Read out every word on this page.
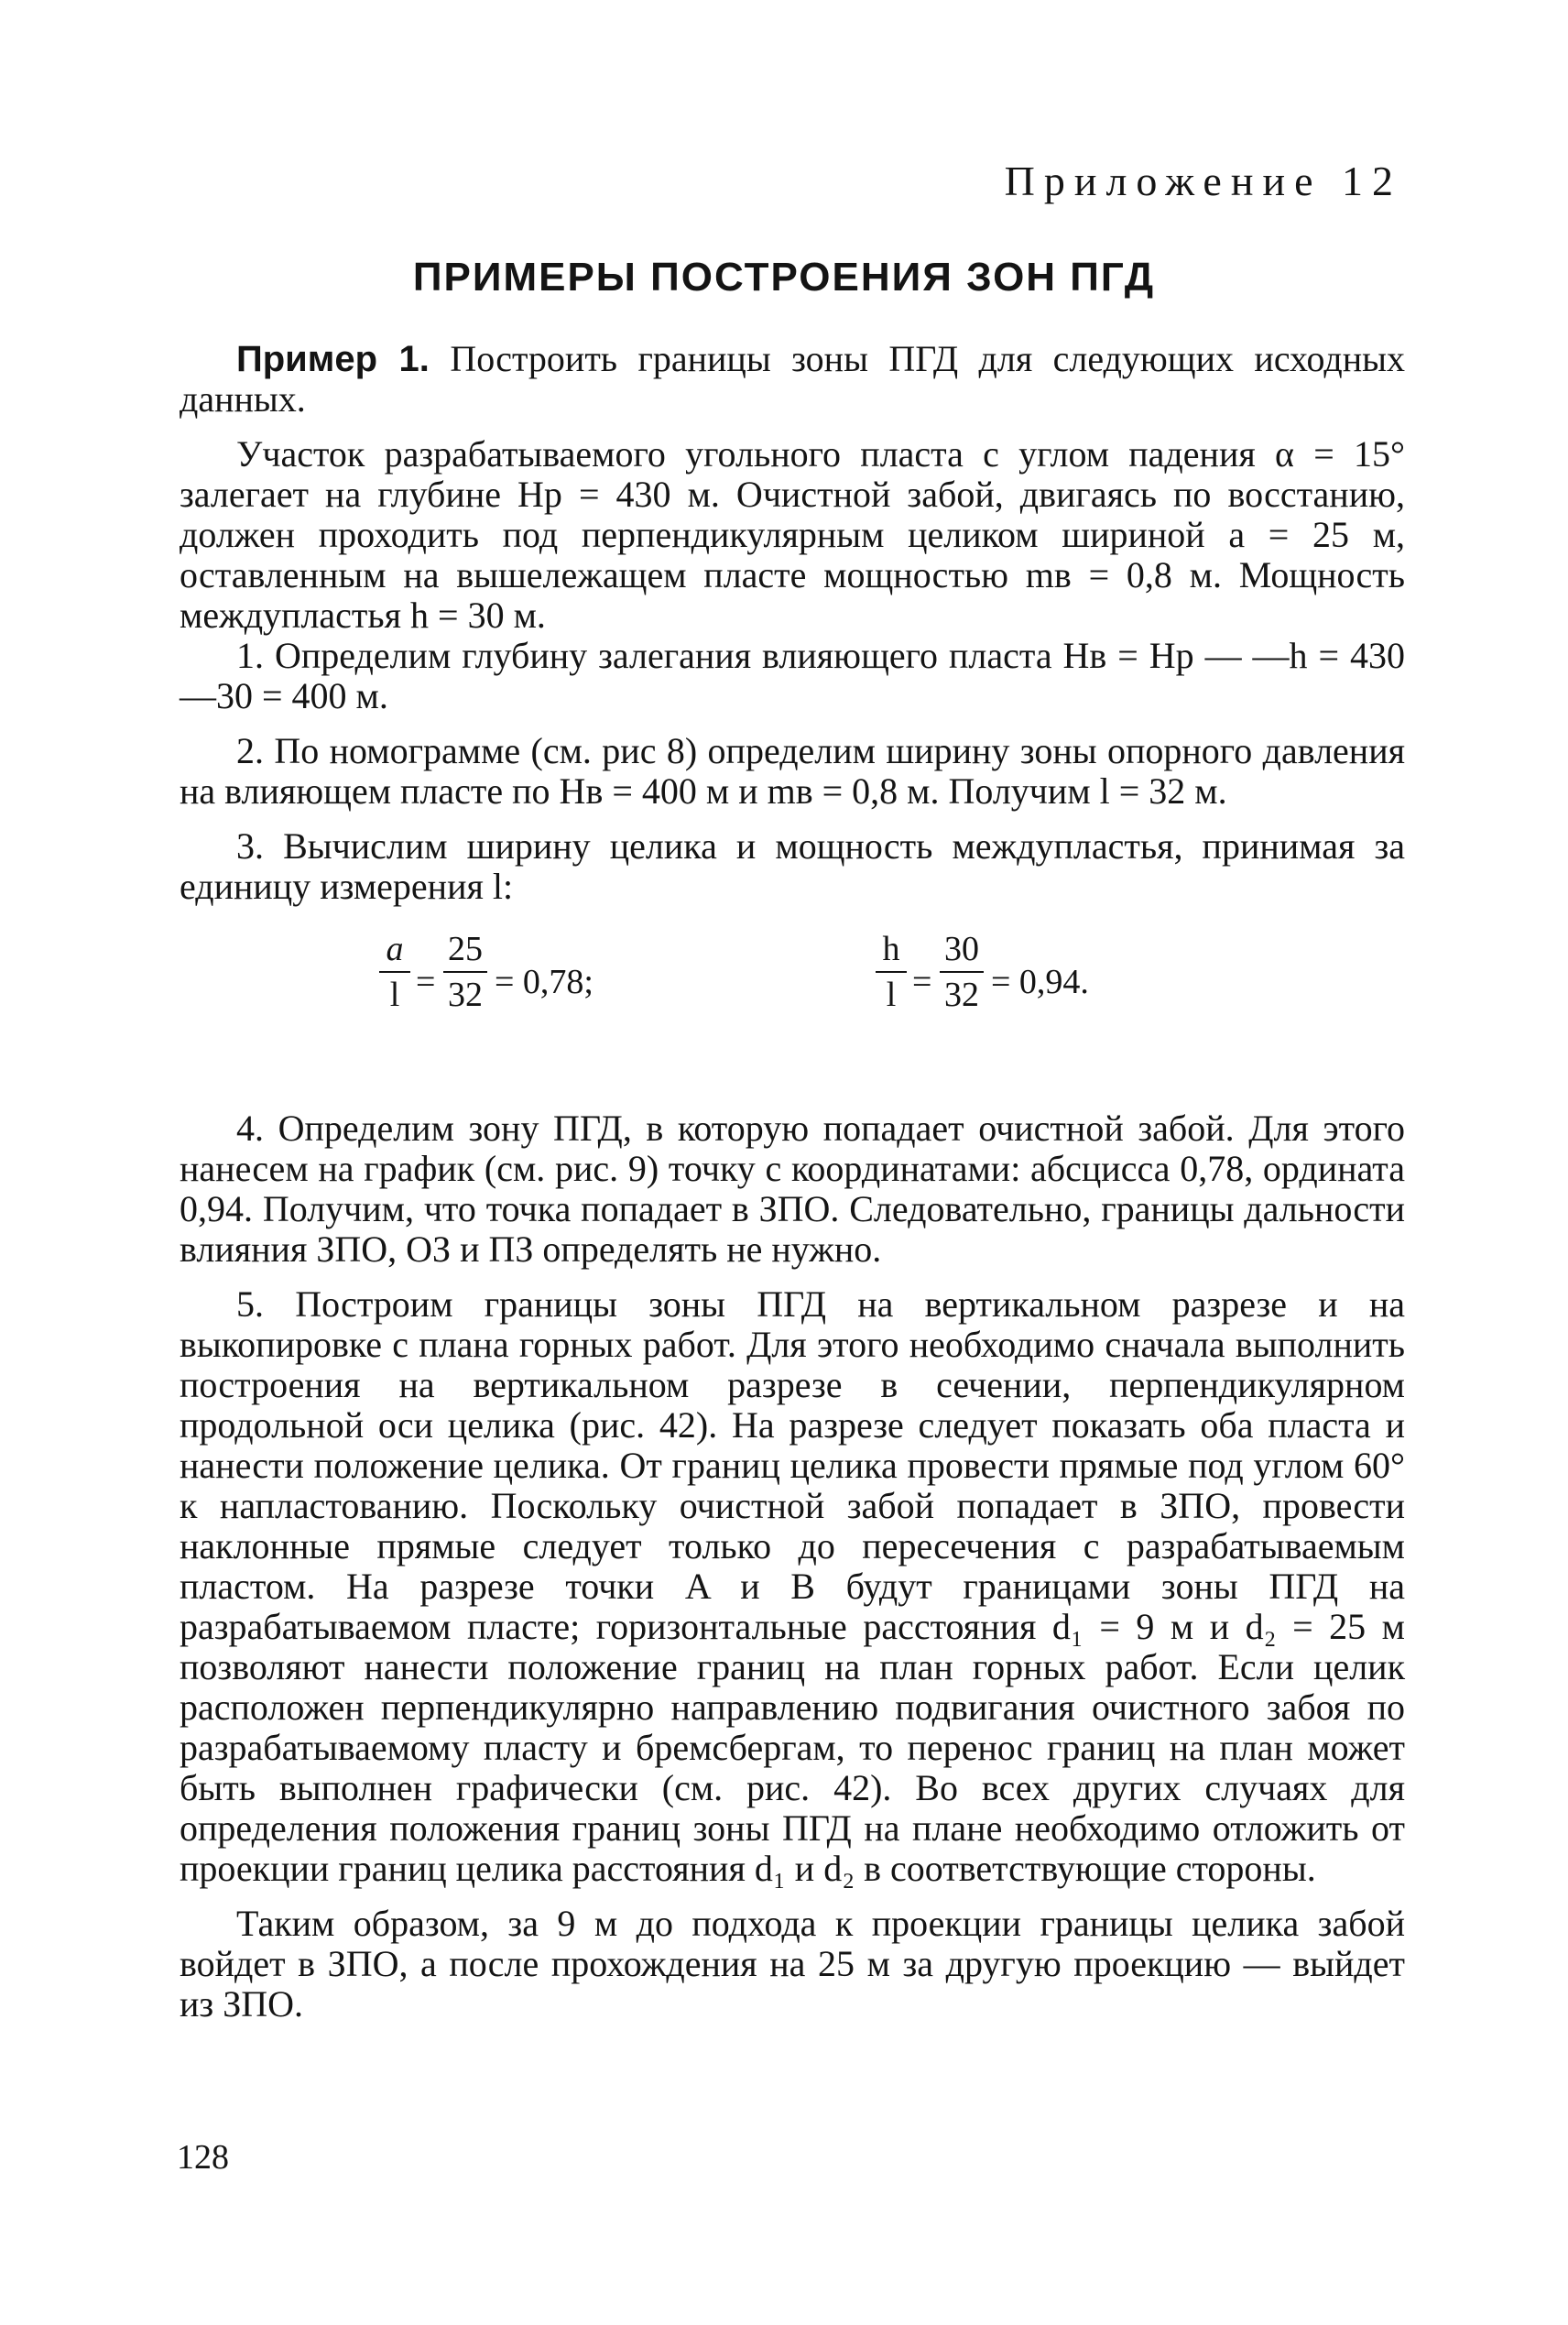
Приложение 12
ПРИМЕРЫ ПОСТРОЕНИЯ ЗОН ПГД

Пример 1. Построить границы зоны ПГД для следующих исходных данных.

Участок разрабатываемого угольного пласта с углом падения α = 15° залегает на глубине Hр = 430 м. Очистной забой, двигаясь по восстанию, должен проходить под перпендикулярным целиком шириной a = 25 м, оставленным на вышележащем пласте мощностью mв = 0,8 м. Мощность междупластья h = 30 м.

1. Определим глубину залегания влияющего пласта Hв = Hр — —h = 430—30 = 400 м.

2. По номограмме (см. рис 8) определим ширину зоны опорного давления на влияющем пласте по Hв = 400 м и mв = 0,8 м. Получим l = 32 м.

3. Вычислим ширину целика и мощность междупластья, принимая за единицу измерения l:

a
l =
25
32 = 0,78;
h
l =
30
32 = 0,94.

4. Определим зону ПГД, в которую попадает очистной забой. Для этого нанесем на график (см. рис. 9) точку с координатами: абсцисса 0,78, ордината 0,94. Получим, что точка попадает в ЗПО. Следовательно, границы дальности влияния ЗПО, ОЗ и ПЗ определять не нужно.

5. Построим границы зоны ПГД на вертикальном разрезе и на выкопировке с плана горных работ. Для этого необходимо сначала выполнить построения на вертикальном разрезе в сечении, перпендикулярном продольной оси целика (рис. 42). На разрезе следует показать оба пласта и нанести положение целика. От границ целика провести прямые под углом 60° к напластованию. Поскольку очистной забой попадает в ЗПО, провести наклонные прямые следует только до пересечения с разрабатываемым пластом. На разрезе точки A и B будут границами зоны ПГД на разрабатываемом пласте; горизонтальные расстояния d₁ = 9 м и d₂ = 25 м позволяют нанести положение границ на план горных работ. Если целик расположен перпендикулярно направлению подвигания очистного забоя по разрабатываемому пласту и бремсбергам, то перенос границ на план может быть выполнен графически (см. рис. 42). Во всех других случаях для определения положения границ зоны ПГД на плане необходимо отложить от проекции границ целика расстояния d₁ и d₂ в соответствующие стороны.

Таким образом, за 9 м до подхода к проекции границы целика забой войдет в ЗПО, а после прохождения на 25 м за другую проекцию — выйдет из ЗПО.

128
